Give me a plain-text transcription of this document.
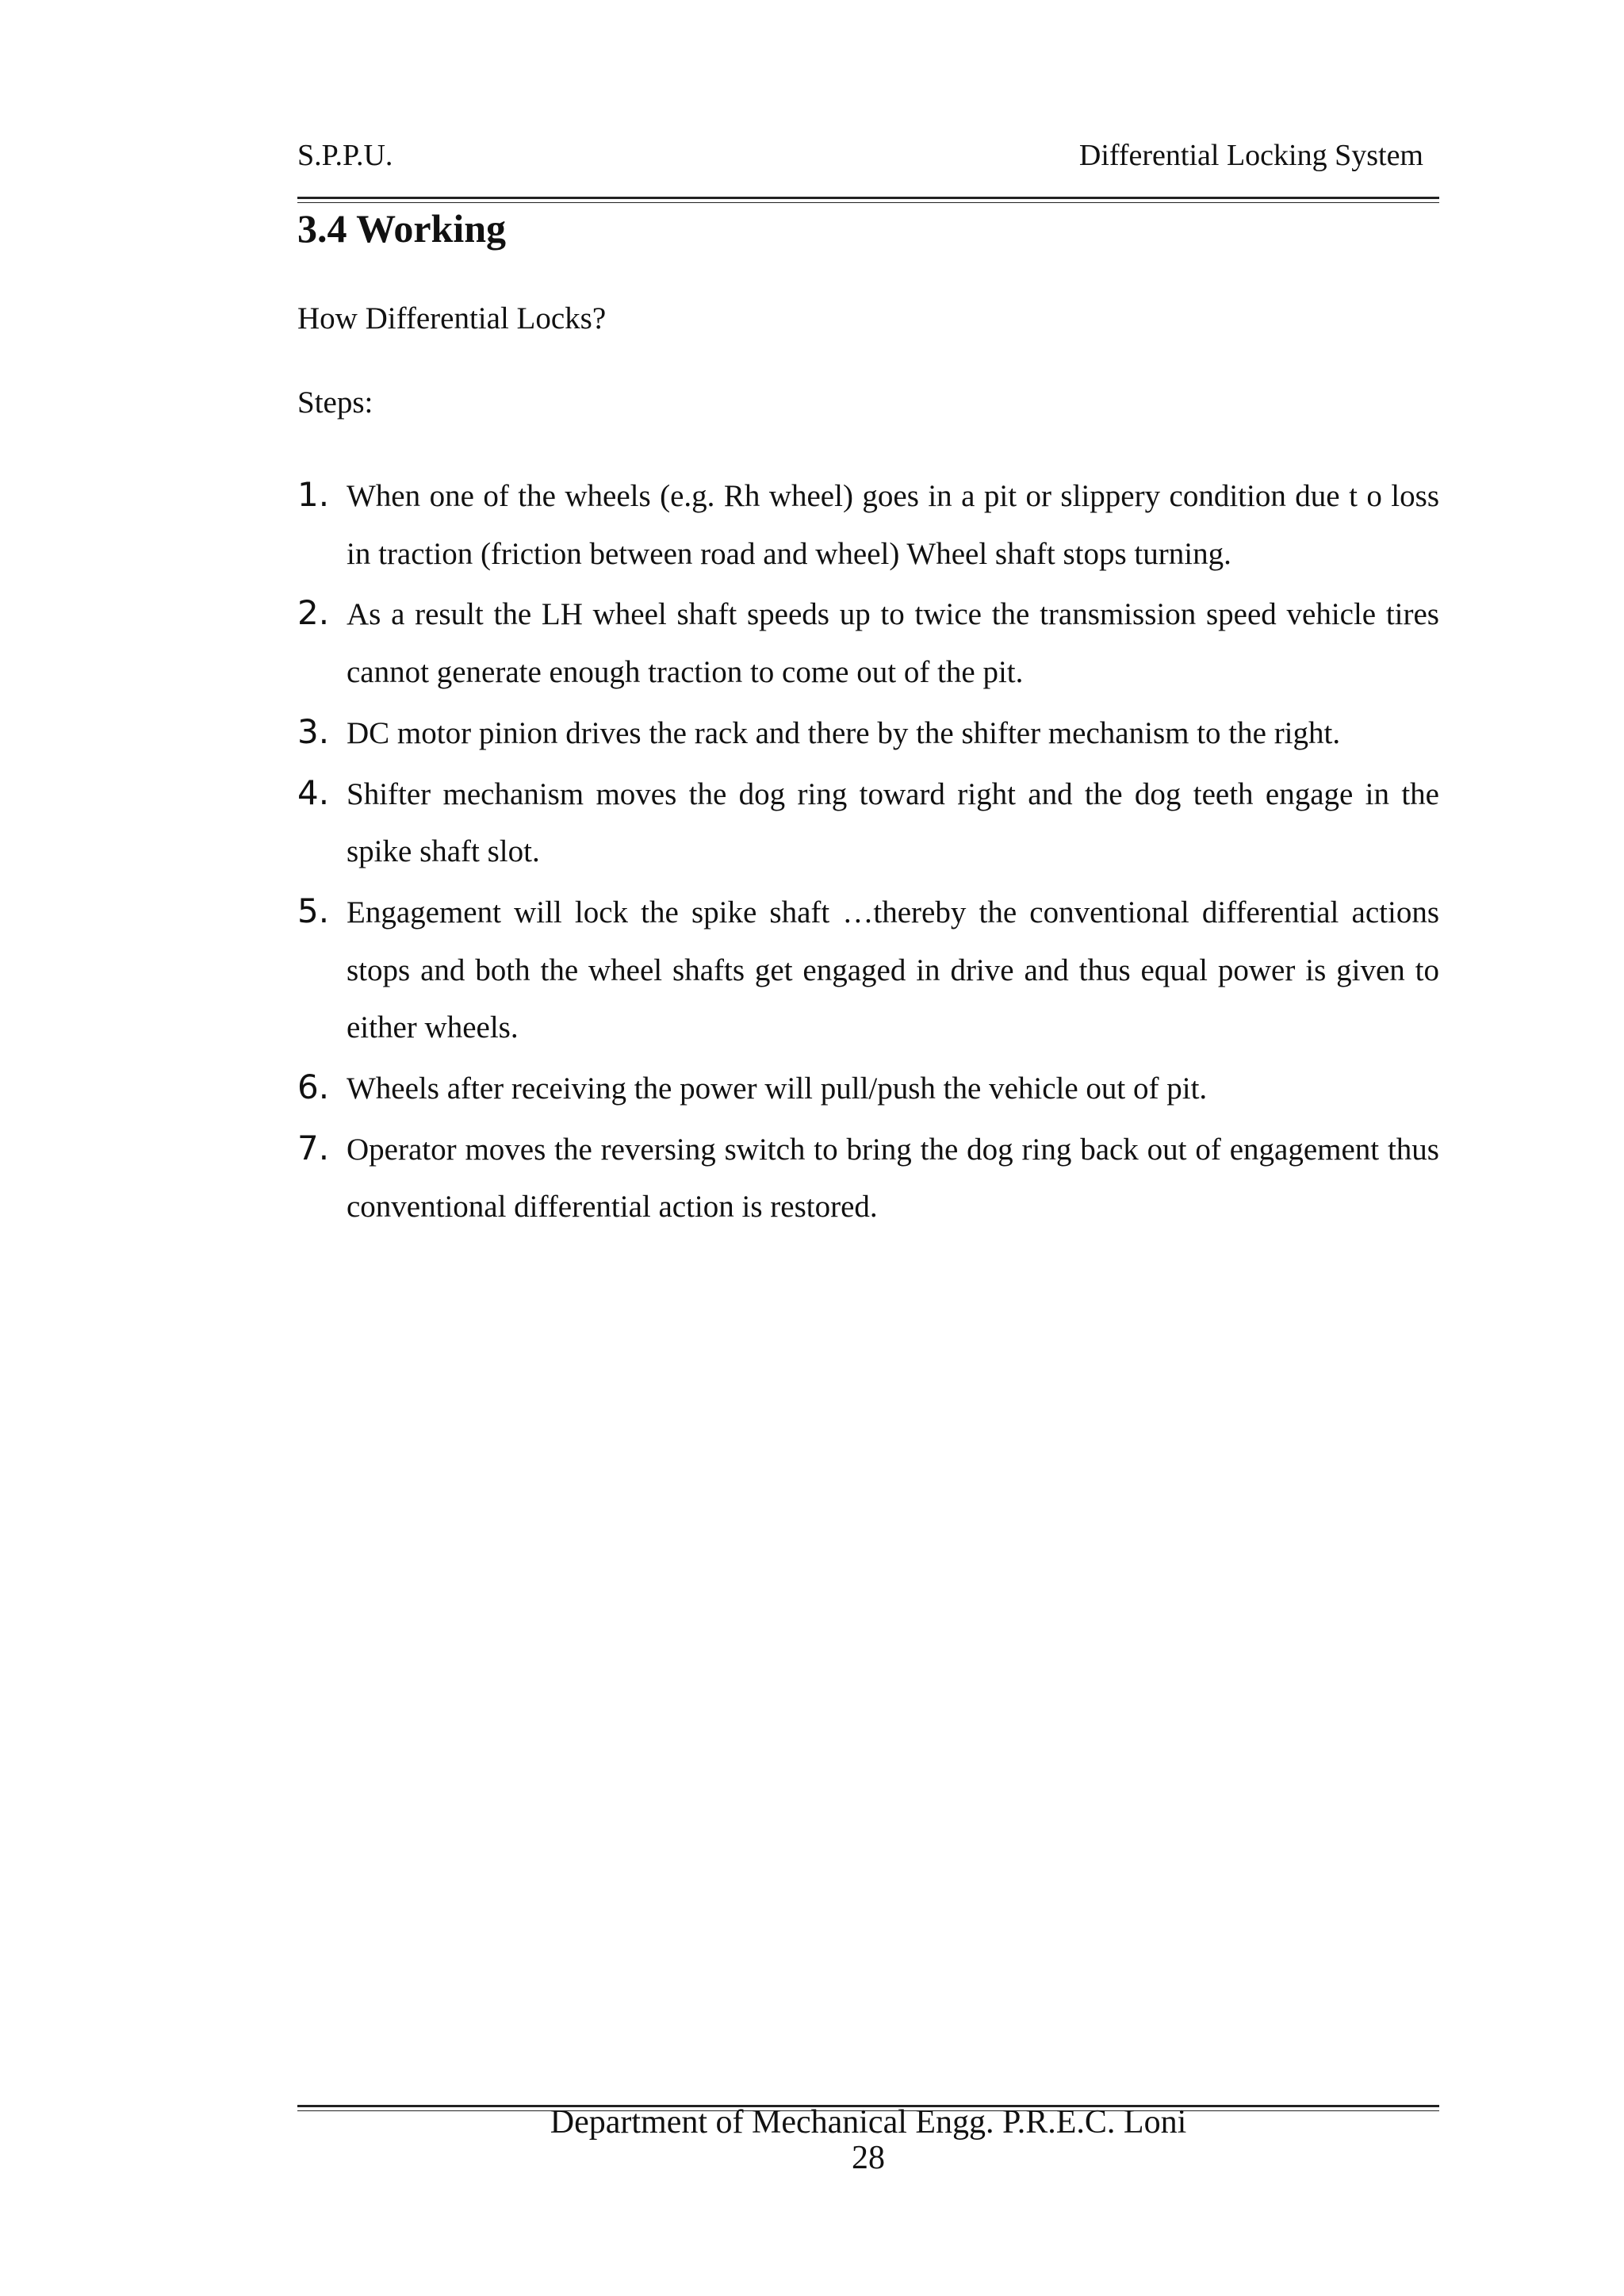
S.P.P.U.	Differential Locking System
3.4 Working
How Differential Locks?
Steps:
1. When one of the wheels (e.g. Rh wheel) goes in a pit or slippery condition due t o loss in traction (friction between road and wheel) Wheel shaft stops turning.
2. As a result the LH wheel shaft speeds up to twice the transmission speed vehicle tires cannot generate enough traction to come out of the pit.
3. DC motor pinion drives the rack and there by the shifter mechanism to the right.
4. Shifter mechanism moves the dog ring toward right and the dog teeth engage in the spike shaft slot.
5. Engagement will lock the spike shaft …thereby the conventional differential actions stops and both the wheel shafts get engaged in drive and thus equal power is given to either wheels.
6. Wheels after receiving the power will pull/push the vehicle out of pit.
7. Operator moves the reversing switch to bring the dog ring back out of engagement thus conventional differential action is restored.
Department of Mechanical Engg. P.R.E.C. Loni
28
